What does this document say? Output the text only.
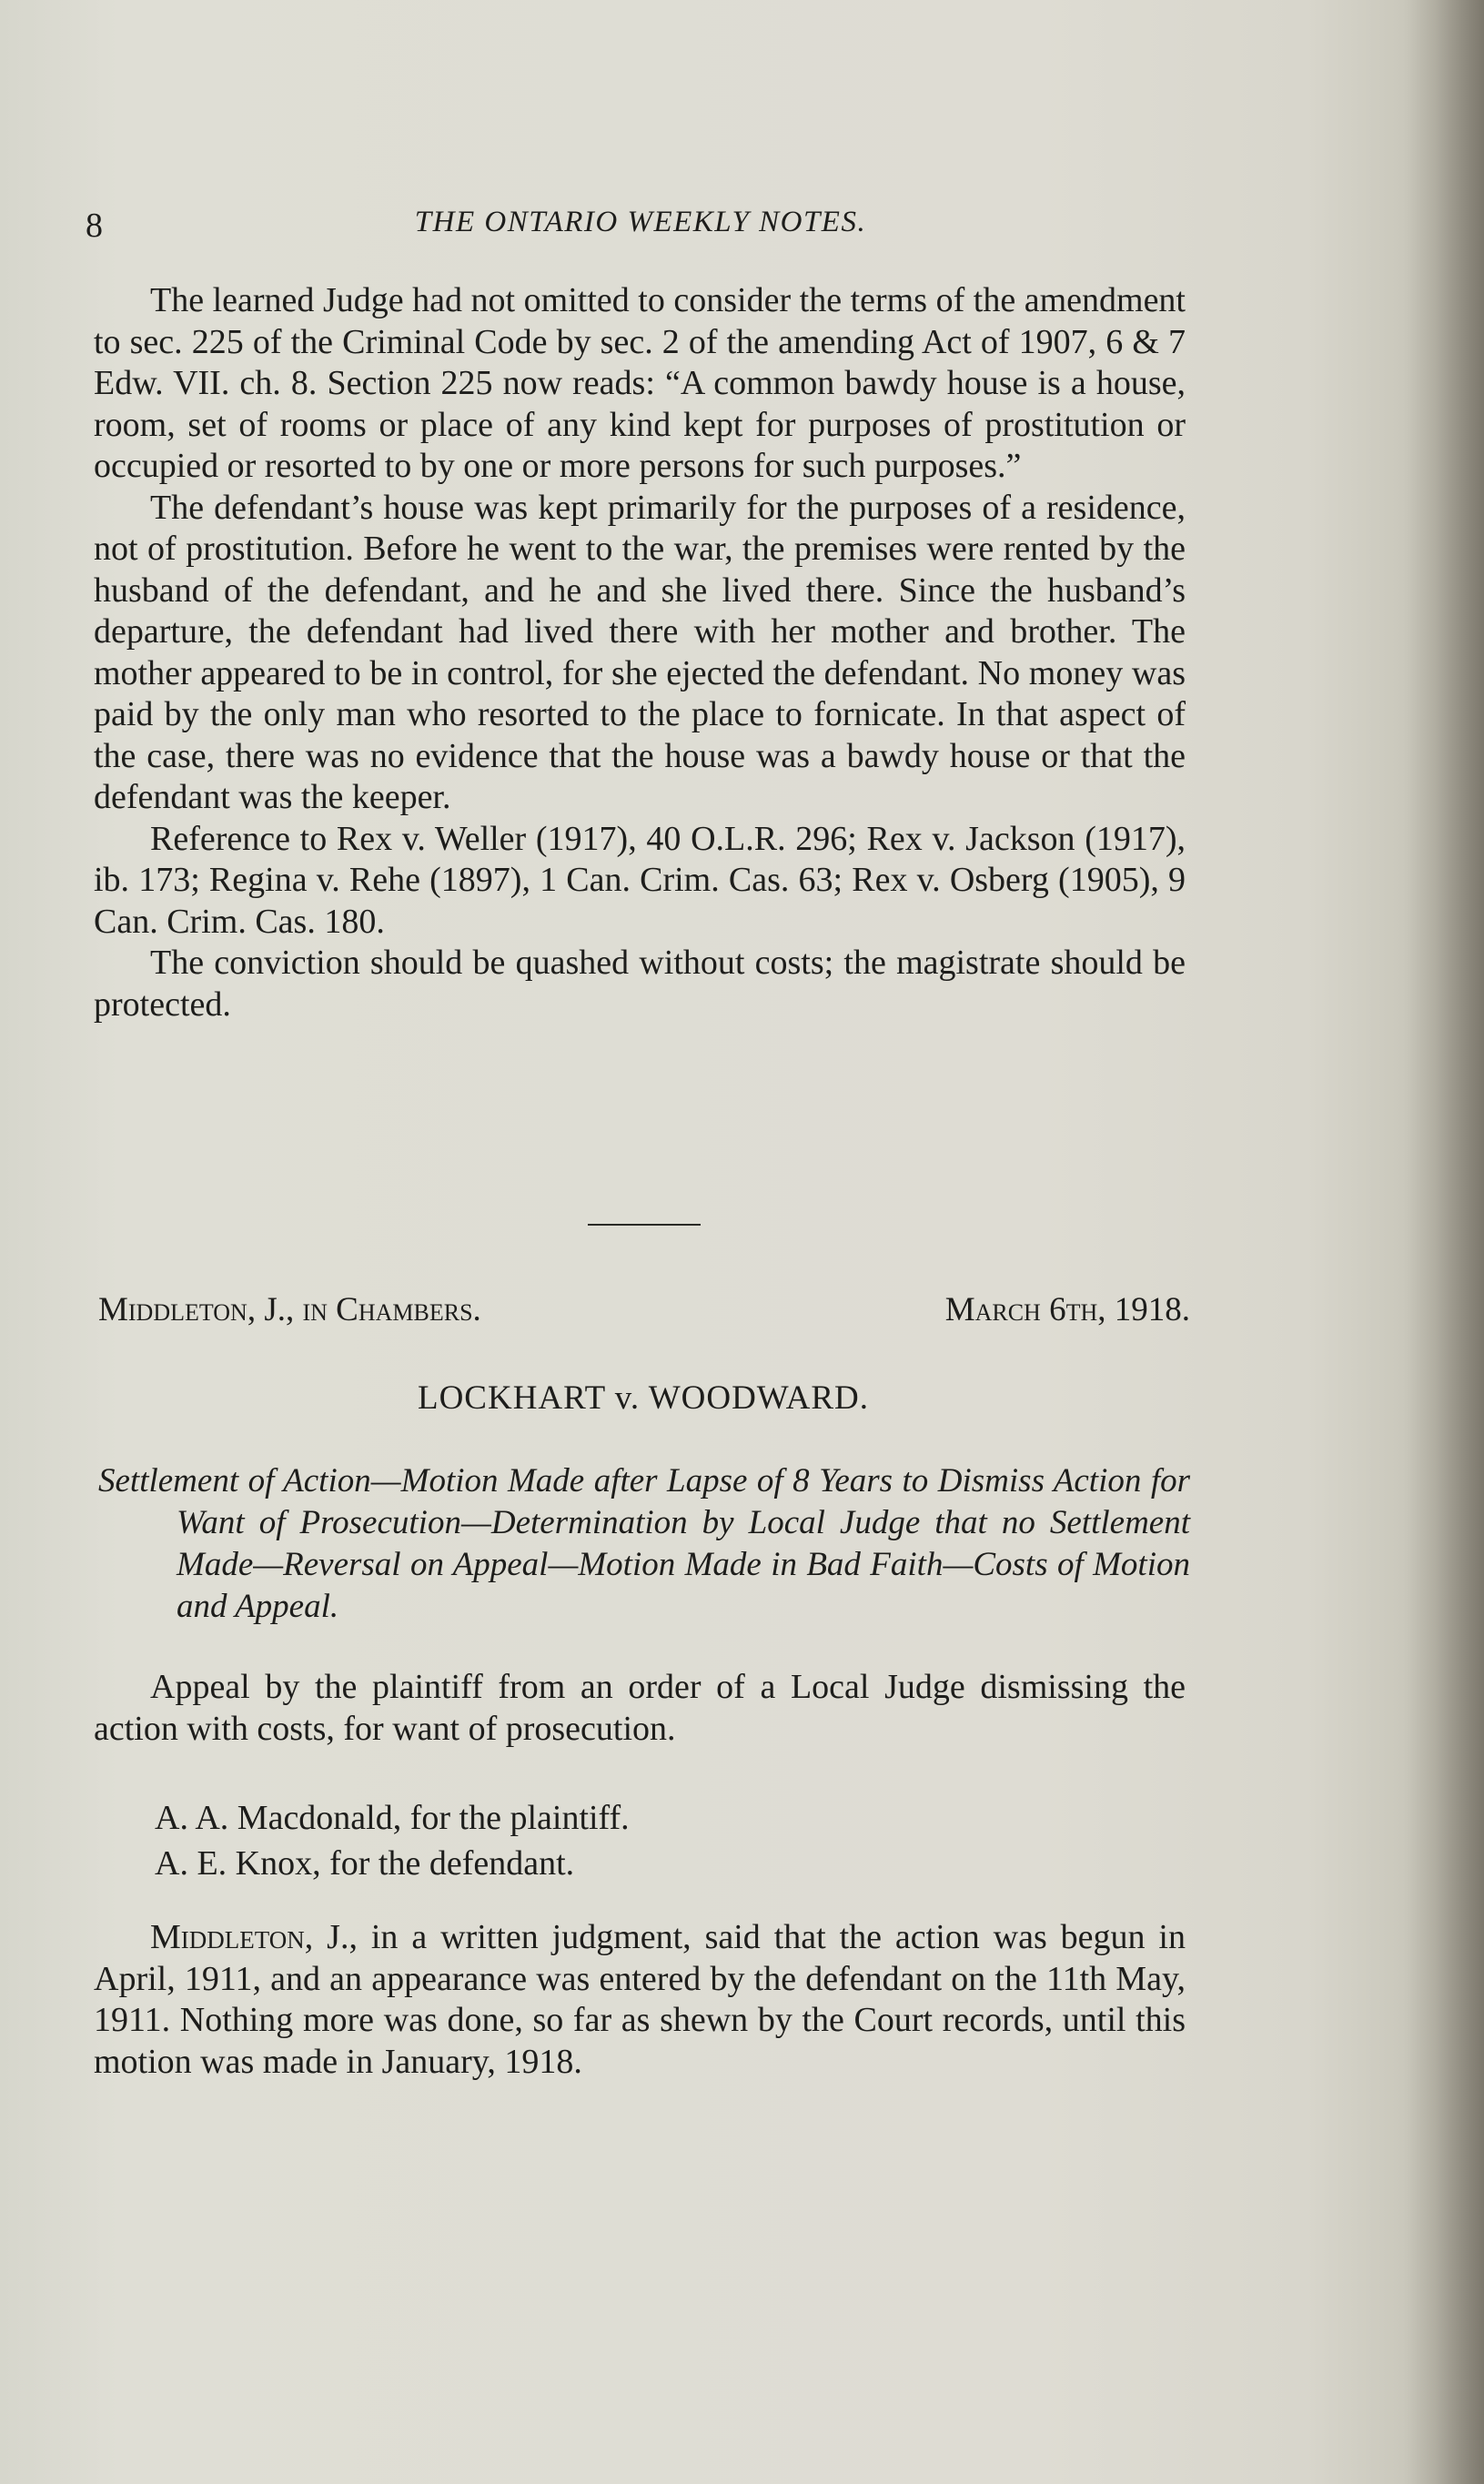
8	THE ONTARIO WEEKLY NOTES.

The learned Judge had not omitted to consider the terms of the amendment to sec. 225 of the Criminal Code by sec. 2 of the amending Act of 1907, 6 & 7 Edw. VII. ch. 8. Section 225 now reads: “A common bawdy house is a house, room, set of rooms or place of any kind kept for purposes of prostitution or occupied or resorted to by one or more persons for such purposes.”

The defendant’s house was kept primarily for the purposes of a residence, not of prostitution. Before he went to the war, the premises were rented by the husband of the defendant, and he and she lived there. Since the husband’s departure, the defendant had lived there with her mother and brother. The mother appeared to be in control, for she ejected the defendant. No money was paid by the only man who resorted to the place to fornicate. In that aspect of the case, there was no evidence that the house was a bawdy house or that the defendant was the keeper.

Reference to Rex v. Weller (1917), 40 O.L.R. 296; Rex v. Jackson (1917), ib. 173; Regina v. Rehe (1897), 1 Can. Crim. Cas. 63; Rex v. Osberg (1905), 9 Can. Crim. Cas. 180.

The conviction should be quashed without costs; the magistrate should be protected.

Middleton, J., in Chambers.	March 6th, 1918.
LOCKHART v. WOODWARD.
Settlement of Action—Motion Made after Lapse of 8 Years to Dismiss Action for Want of Prosecution—Determination by Local Judge that no Settlement Made—Reversal on Appeal—Motion Made in Bad Faith—Costs of Motion and Appeal.

Appeal by the plaintiff from an order of a Local Judge dismissing the action with costs, for want of prosecution.

A. A. Macdonald, for the plaintiff.
A. E. Knox, for the defendant.

Middleton, J., in a written judgment, said that the action was begun in April, 1911, and an appearance was entered by the defendant on the 11th May, 1911. Nothing more was done, so far as shewn by the Court records, until this motion was made in January, 1918.
